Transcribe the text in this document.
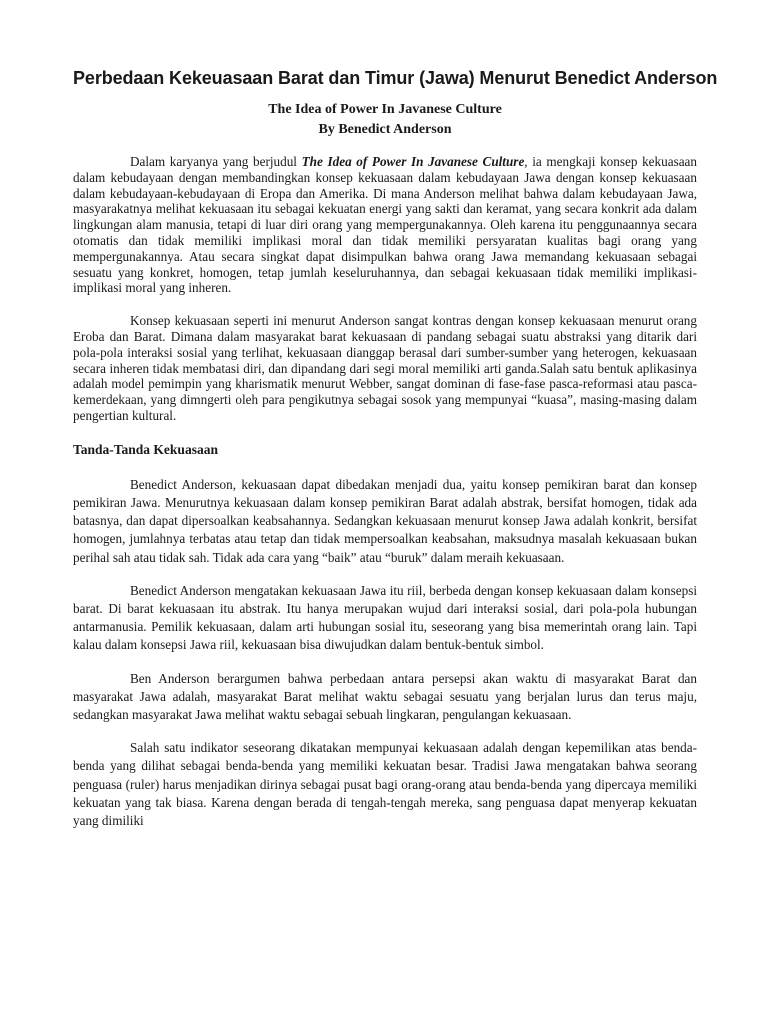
Perbedaan Kekeuasaan Barat dan Timur (Jawa) Menurut Benedict Anderson

The Idea of Power In Javanese Culture

By Benedict Anderson

Dalam karyanya yang berjudul The Idea of Power In Javanese Culture, ia mengkaji konsep kekuasaan dalam kebudayaan dengan membandingkan konsep kekuasaan dalam kebudayaan Jawa dengan konsep kekuasaan dalam kebudayaan-kebudayaan di Eropa dan Amerika. Di mana Anderson melihat bahwa dalam kebudayaan Jawa, masyarakatnya melihat kekuasaan itu sebagai kekuatan energi yang sakti dan keramat, yang secara konkrit ada dalam lingkungan alam manusia, tetapi di luar diri orang yang mempergunakannya. Oleh karena itu penggunaannya secara otomatis dan tidak memiliki implikasi moral dan tidak memiliki persyaratan kualitas bagi orang yang mempergunakannya. Atau secara singkat dapat disimpulkan bahwa orang Jawa memandang kekuasaan sebagai sesuatu yang konkret, homogen, tetap jumlah keseluruhannya, dan sebagai kekuasaan tidak memiliki implikasi-implikasi moral yang inheren.

Konsep kekuasaan seperti ini menurut Anderson sangat kontras dengan konsep kekuasaan menurut orang Eroba dan Barat. Dimana dalam masyarakat barat kekuasaan di pandang sebagai suatu abstraksi yang ditarik dari pola-pola interaksi sosial yang terlihat, kekuasaan dianggap berasal dari sumber-sumber yang heterogen, kekuasaan secara inheren tidak membatasi diri, dan dipandang dari segi moral memiliki arti ganda.Salah satu bentuk aplikasinya adalah model pemimpin yang kharismatik menurut Webber, sangat dominan di fase-fase pasca-reformasi atau pasca-kemerdekaan, yang dimngerti oleh para pengikutnya sebagai sosok yang mempunyai “kuasa”, masing-masing dalam pengertian kultural.

Tanda-Tanda Kekuasaan

Benedict Anderson, kekuasaan dapat dibedakan menjadi dua, yaitu konsep pemikiran barat dan konsep pemikiran Jawa. Menurutnya kekuasaan dalam konsep pemikiran Barat adalah abstrak, bersifat homogen, tidak ada batasnya, dan dapat dipersoalkan keabsahannya. Sedangkan kekuasaan menurut konsep Jawa adalah konkrit, bersifat homogen, jumlahnya terbatas atau tetap dan tidak mempersoalkan keabsahan, maksudnya masalah kekuasaan bukan perihal sah atau tidak sah. Tidak ada cara yang “baik” atau “buruk” dalam meraih kekuasaan.

Benedict Anderson mengatakan kekuasaan Jawa itu riil, berbeda dengan konsep kekuasaan dalam konsepsi barat. Di barat kekuasaan itu abstrak. Itu hanya merupakan wujud dari interaksi sosial, dari pola-pola hubungan antarmanusia. Pemilik kekuasaan, dalam arti hubungan sosial itu, seseorang yang bisa memerintah orang lain. Tapi kalau dalam konsepsi Jawa riil, kekuasaan bisa diwujudkan dalam bentuk-bentuk simbol.

Ben Anderson berargumen bahwa perbedaan antara persepsi akan waktu di masyarakat Barat dan masyarakat Jawa adalah, masyarakat Barat melihat waktu sebagai sesuatu yang berjalan lurus dan terus maju, sedangkan masyarakat Jawa melihat waktu sebagai sebuah lingkaran, pengulangan kekuasaan.

Salah satu indikator seseorang dikatakan mempunyai kekuasaan adalah dengan kepemilikan atas benda-benda yang dilihat sebagai benda-benda yang memiliki kekuatan besar. Tradisi Jawa mengatakan bahwa seorang penguasa (ruler) harus menjadikan dirinya sebagai pusat bagi orang-orang atau benda-benda yang dipercaya memiliki kekuatan yang tak biasa. Karena dengan berada di tengah-tengah mereka, sang penguasa dapat menyerap kekuatan yang dimiliki
